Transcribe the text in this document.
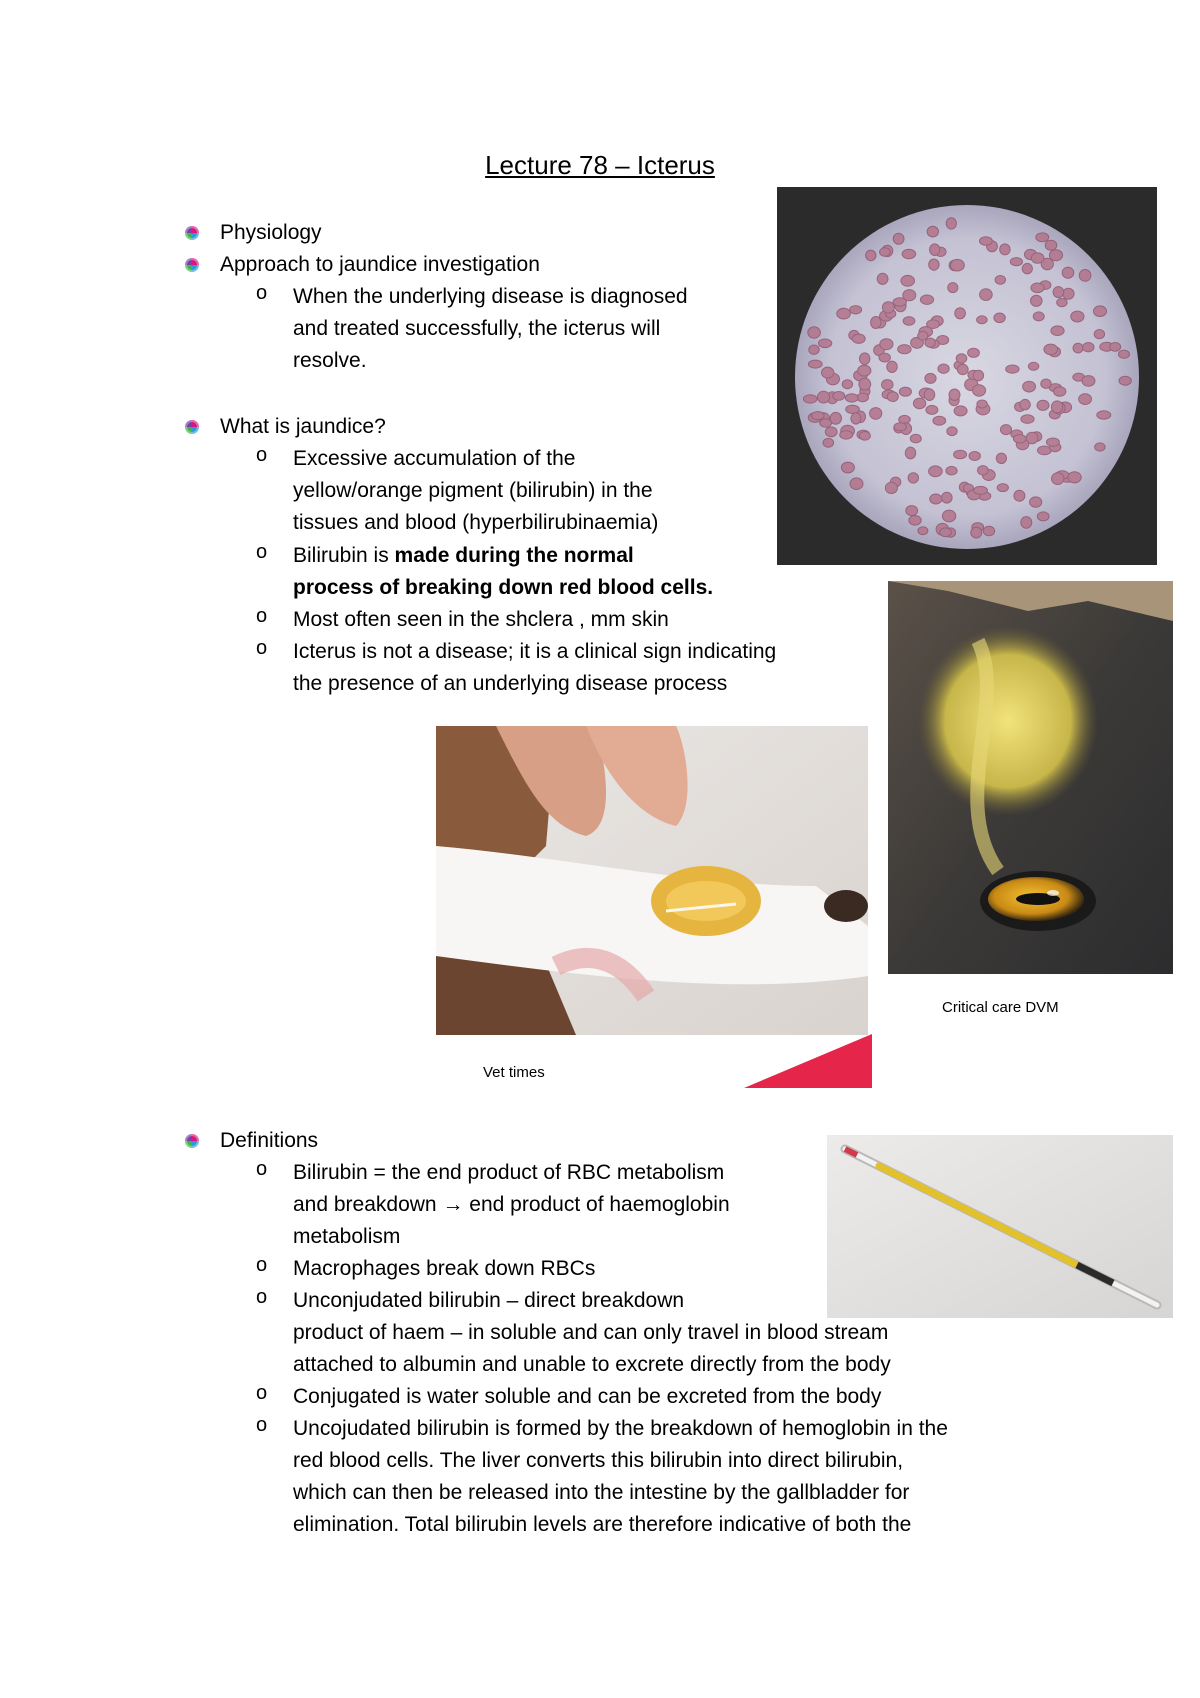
Lecture 78 – Icterus
Physiology
Approach to jaundice investigation
o When the underlying disease is diagnosed
and treated successfully, the icterus will
resolve.
What is jaundice?
o Excessive accumulation of the
yellow/orange pigment (bilirubin) in the
tissues and blood (hyperbilirubinaemia)
o Bilirubin is made during the normal
process of breaking down red blood cells.
o Most often seen in the shclera , mm skin
o Icterus is not a disease; it is a clinical sign indicating
the presence of an underlying disease process
Vet times
Critical care DVM
Definitions
o Bilirubin = the end product of RBC metabolism
and breakdown → end product of haemoglobin
metabolism
o Macrophages break down RBCs
o Unconjudated bilirubin – direct breakdown
product of haem – in soluble and can only travel in blood stream
attached to albumin and unable to excrete directly from the body
o Conjugated is water soluble and can be excreted from the body
o Uncojudated bilirubin is formed by the breakdown of hemoglobin in the
red blood cells. The liver converts this bilirubin into direct bilirubin,
which can then be released into the intestine by the gallbladder for
elimination. Total bilirubin levels are therefore indicative of both the
